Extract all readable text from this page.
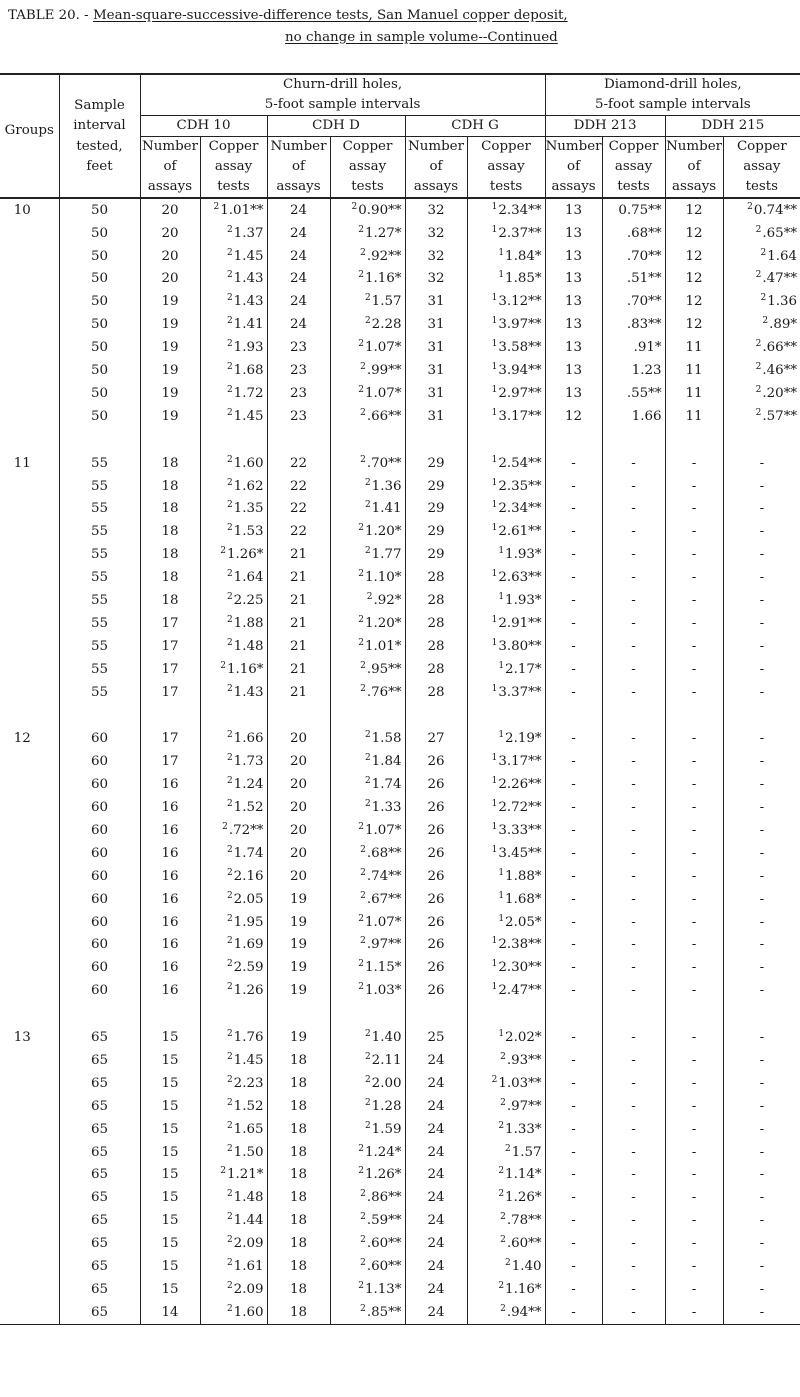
TABLE 20. - Mean-square-successive-difference tests, San Manuel copper deposit,
no change in sample volume--Continued
Groups		Churn-drill holes,						Diamond-drill holes,			
	Sample	5-foot sample intervals						5-foot sample intervals			
	interval	CDH 10		CDH D		CDH G		DDH 213		DDH 215	
	tested,	Number	Copper	Number	Copper	Number	Copper	Number	Copper	Number	Copper
	feet	of	assay	of	assay	of	assay	of	assay	of	assay
		assays	tests	assays	tests	assays	tests	assays	tests	assays	tests
10	50	20	$^2$1.01**	24	$^2$0.90**	32	$^1$2.34**	13	0.75**	12	$^2$0.74**
	50	20	$^2$1.37	24	$^2$1.27*	32	$^1$2.37**	13	.68**	12	$^2$.65**
	50	20	$^2$1.45	24	$^2$.92**	32	$^1$1.84*	13	.70**	12	$^2$1.64
	50	20	$^2$1.43	24	$^2$1.16*	32	$^1$1.85*	13	.51**	12	$^2$.47**
	50	19	$^2$1.43	24	$^2$1.57	31	$^1$3.12**	13	.70**	12	$^2$1.36
	50	19	$^2$1.41	24	$^2$2.28	31	$^1$3.97**	13	.83**	12	$^2$.89*
	50	19	$^2$1.93	23	$^2$1.07*	31	$^1$3.58**	13	.91*	11	$^2$.66**
	50	19	$^2$1.68	23	$^2$.99**	31	$^1$3.94**	13	1.23	11	$^2$.46**
	50	19	$^2$1.72	23	$^2$1.07*	31	$^1$2.97**	13	.55**	11	$^2$.20**
	50	19	$^2$1.45	23	$^2$.66**	31	$^1$3.17**	12	1.66	11	$^2$.57**

11	55	18	$^2$1.60	22	$^2$.70**	29	$^1$2.54**	-	-	-	-
	55	18	$^2$1.62	22	$^2$1.36	29	$^1$2.35**	-	-	-	-
	55	18	$^2$1.35	22	$^2$1.41	29	$^1$2.34**	-	-	-	-
	55	18	$^2$1.53	22	$^2$1.20*	29	$^1$2.61**	-	-	-	-
	55	18	$^2$1.26*	21	$^2$1.77	29	$^1$1.93*	-	-	-	-
	55	18	$^2$1.64	21	$^2$1.10*	28	$^1$2.63**	-	-	-	-
	55	18	$^2$2.25	21	$^2$.92*	28	$^1$1.93*	-	-	-	-
	55	17	$^2$1.88	21	$^2$1.20*	28	$^1$2.91**	-	-	-	-
	55	17	$^2$1.48	21	$^2$1.01*	28	$^1$3.80**	-	-	-	-
	55	17	$^2$1.16*	21	$^2$.95**	28	$^1$2.17*	-	-	-	-
	55	17	$^2$1.43	21	$^2$.76**	28	$^1$3.37**	-	-	-	-

12	60	17	$^2$1.66	20	$^2$1.58	27	$^1$2.19*	-	-	-	-
	60	17	$^2$1.73	20	$^2$1.84	26	$^1$3.17**	-	-	-	-
	60	16	$^2$1.24	20	$^2$1.74	26	$^1$2.26**	-	-	-	-
	60	16	$^2$1.52	20	$^2$1.33	26	$^1$2.72**	-	-	-	-
	60	16	$^2$.72**	20	$^2$1.07*	26	$^1$3.33**	-	-	-	-
	60	16	$^2$1.74	20	$^2$.68**	26	$^1$3.45**	-	-	-	-
	60	16	$^2$2.16	20	$^2$.74**	26	$^1$1.88*	-	-	-	-
	60	16	$^2$2.05	19	$^2$.67**	26	$^1$1.68*	-	-	-	-
	60	16	$^2$1.95	19	$^2$1.07*	26	$^1$2.05*	-	-	-	-
	60	16	$^2$1.69	19	$^2$.97**	26	$^1$2.38**	-	-	-	-
	60	16	$^2$2.59	19	$^2$1.15*	26	$^1$2.30**	-	-	-	-
	60	16	$^2$1.26	19	$^2$1.03*	26	$^1$2.47**	-	-	-	-

13	65	15	$^2$1.76	19	$^2$1.40	25	$^1$2.02*	-	-	-	-
	65	15	$^2$1.45	18	$^2$2.11	24	$^2$.93**	-	-	-	-
	65	15	$^2$2.23	18	$^2$2.00	24	$^2$1.03**	-	-	-	-
	65	15	$^2$1.52	18	$^2$1.28	24	$^2$.97**	-	-	-	-
	65	15	$^2$1.65	18	$^2$1.59	24	$^2$1.33*	-	-	-	-
	65	15	$^2$1.50	18	$^2$1.24*	24	$^2$1.57	-	-	-	-
	65	15	$^2$1.21*	18	$^2$1.26*	24	$^2$1.14*	-	-	-	-
	65	15	$^2$1.48	18	$^2$.86**	24	$^2$1.26*	-	-	-	-
	65	15	$^2$1.44	18	$^2$.59**	24	$^2$.78**	-	-	-	-
	65	15	$^2$2.09	18	$^2$.60**	24	$^2$.60**	-	-	-	-
	65	15	$^2$1.61	18	$^2$.60**	24	$^2$1.40	-	-	-	-
	65	15	$^2$2.09	18	$^2$1.13*	24	$^2$1.16*	-	-	-	-
	65	14	$^2$1.60	18	$^2$.85**	24	$^2$.94**	-	-	-	-
